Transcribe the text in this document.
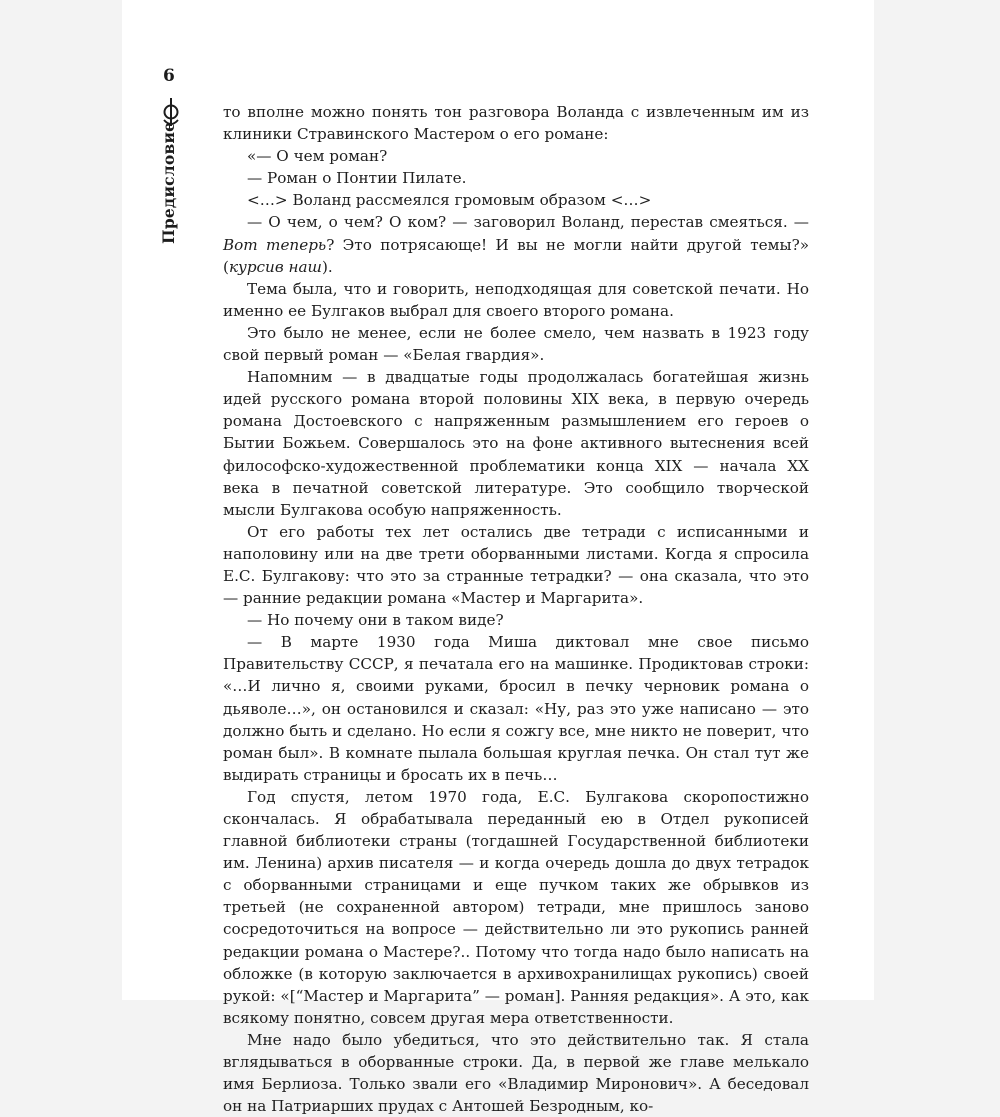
6
Предисловие

то вполне можно понять тон разговора Воланда с извлеченным им из клиники Стравинского Мастером о его романе:

«— О чем роман?

— Роман о Понтии Пилате.

<…> Воланд рассмеялся громовым образом <…>

— О чем, о чем? О ком? — заговорил Воланд, перестав смеяться. — Вот теперь? Это потрясающе! И вы не могли найти другой темы?» (курсив наш).

Тема была, что и говорить, неподходящая для советской печати. Но именно ее Булгаков выбрал для своего второго романа.

Это было не менее, если не более смело, чем назвать в 1923 году свой первый роман — «Белая гвардия».

Напомним — в двадцатые годы продолжалась богатейшая жизнь идей русского романа второй половины XIX века, в первую очередь романа Достоевского с напряженным размышлением его героев о Бытии Божьем. Совершалось это на фоне активного вытеснения всей философско-художественной проблематики конца XIX — начала XX века в печатной советской литературе. Это сообщило творческой мысли Булгакова особую напряженность.

От его работы тех лет остались две тетради с исписанными и наполовину или на две трети оборванными листами. Когда я спросила Е.С. Булгакову: что это за странные тетрадки? — она сказала, что это — ранние редакции романа «Мастер и Маргарита».

— Но почему они в таком виде?

— В марте 1930 года Миша диктовал мне свое письмо Правительству СССР, я печатала его на машинке. Продиктовав строки: «…И лично я, своими руками, бросил в печку черновик романа о дьяволе…», он остановился и сказал: «Ну, раз это уже написано — это должно быть и сделано. Но если я сожгу все, мне никто не поверит, что роман был». В комнате пылала большая круглая печка. Он стал тут же выдирать страницы и бросать их в печь…

Год спустя, летом 1970 года, Е.С. Булгакова скоропостижно скончалась. Я обрабатывала переданный ею в Отдел рукописей главной библиотеки страны (тогдашней Государственной библиотеки им. Ленина) архив писателя — и когда очередь дошла до двух тетрадок с оборванными страницами и еще пучком таких же обрывков из третьей (не сохраненной автором) тетради, мне пришлось заново сосредоточиться на вопросе — действительно ли это рукопись ранней редакции романа о Мастере?.. Потому что тогда надо было написать на обложке (в которую заключается в архивохранилищах рукопись) своей рукой: «[“Мастер и Маргарита” — роман]. Ранняя редакция». А это, как всякому понятно, совсем другая мера ответственности.

Мне надо было убедиться, что это действительно так. Я стала вглядываться в оборванные строки. Да, в первой же главе мелькало имя Берлиоза. Только звали его «Владимир Миронович». А беседовал он на Патриарших прудах с Антошей Безродным, ко-
